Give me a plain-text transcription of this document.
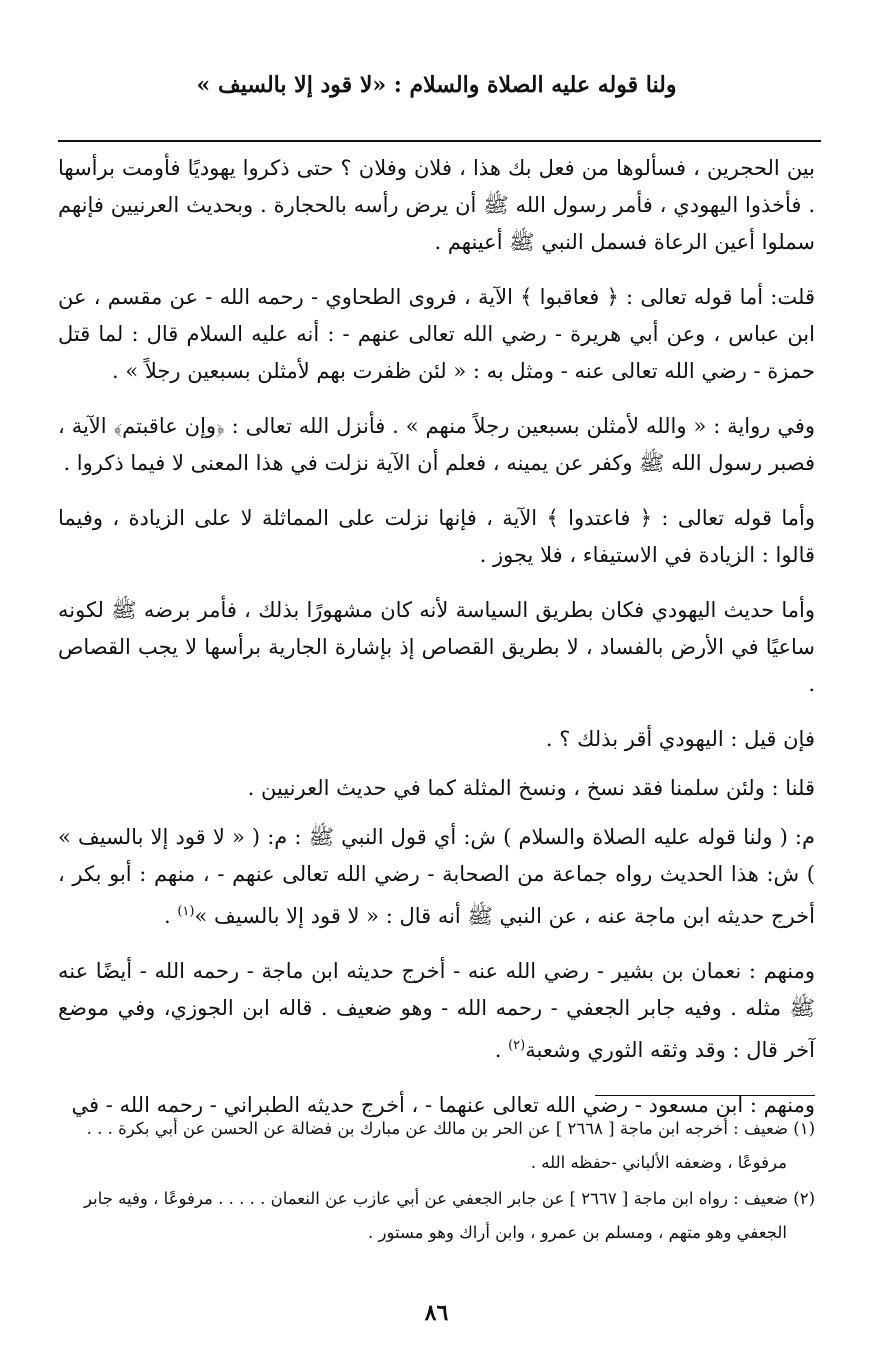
ولنا قوله عليه الصلاة والسلام : «لا قود إلا بالسيف »

بين الحجرين ، فسألوها من فعل بك هذا ، فلان وفلان ؟ حتى ذكروا يهوديًا فأومت برأسها . فأخذوا اليهودي ، فأمر رسول الله ﷺ أن يرض رأسه بالحجارة . وبحديث العرنيين فإنهم سملوا أعين الرعاة فسمل النبي ﷺ أعينهم .

قلت: أما قوله تعالى : ﴿ فعاقبوا ﴾ الآية ، فروى الطحاوي - رحمه الله - عن مقسم ، عن ابن عباس ، وعن أبي هريرة - رضي الله تعالى عنهم - : أنه عليه السلام قال : لما قتل حمزة - رضي الله تعالى عنه - ومثل به : « لئن ظفرت بهم لأمثلن بسبعين رجلاً » .

وفي رواية : « والله لأمثلن بسبعين رجلاً منهم » . فأنزل الله تعالى : ﴿وإن عاقبتم﴾ الآية ، فصبر رسول الله ﷺ وكفر عن يمينه ، فعلم أن الآية نزلت في هذا المعنى لا فيما ذكروا .

وأما قوله تعالى : ﴿ فاعتدوا ﴾ الآية ، فإنها نزلت على المماثلة لا على الزيادة ، وفيما قالوا : الزيادة في الاستيفاء ، فلا يجوز .

وأما حديث اليهودي فكان بطريق السياسة لأنه كان مشهورًا بذلك ، فأمر برضه ﷺ لكونه ساعيًا في الأرض بالفساد ، لا بطريق القصاص إذ بإشارة الجارية برأسها لا يجب القصاص .

فإن قيل : اليهودي أقر بذلك ؟ .

قلنا : ولئن سلمنا فقد نسخ ، ونسخ المثلة كما في حديث العرنيين .

م: ( ولنا قوله عليه الصلاة والسلام ) ش: أي قول النبي ﷺ : م: ( « لا قود إلا بالسيف » ) ش: هذا الحديث رواه جماعة من الصحابة - رضي الله تعالى عنهم - ، منهم : أبو بكر ، أخرج حديثه ابن ماجة عنه ، عن النبي ﷺ أنه قال : « لا قود إلا بالسيف »$^{(١)}$ .

ومنهم : نعمان بن بشير - رضي الله عنه - أخرج حديثه ابن ماجة - رحمه الله - أيضًا عنه ﷺ مثله . وفيه جابر الجعفي - رحمه الله - وهو ضعيف . قاله ابن الجوزي، وفي موضع آخر قال : وقد وثقه الثوري وشعبة$^{(٢)}$ .

ومنهم : ابن مسعود - رضي الله تعالى عنهما - ، أخرج حديثه الطبراني - رحمه الله - في

(١) ضعيف : أخرجه ابن ماجة [ ٢٦٦٨ ] عن الحر بن مالك عن مبارك بن فضالة عن الحسن عن أبي بكرة . . .
مرفوعًا ، وضعفه الألباني -حفظه الله .

(٢) ضعيف : رواه ابن ماجة [ ٢٦٦٧ ] عن جابر الجعفي عن أبي عازب عن النعمان . . . . . مرفوعًا ، وفيه جابر
الجعفي وهو متهم ، ومسلم بن عمرو ، وابن أراك وهو مستور .

٨٦
